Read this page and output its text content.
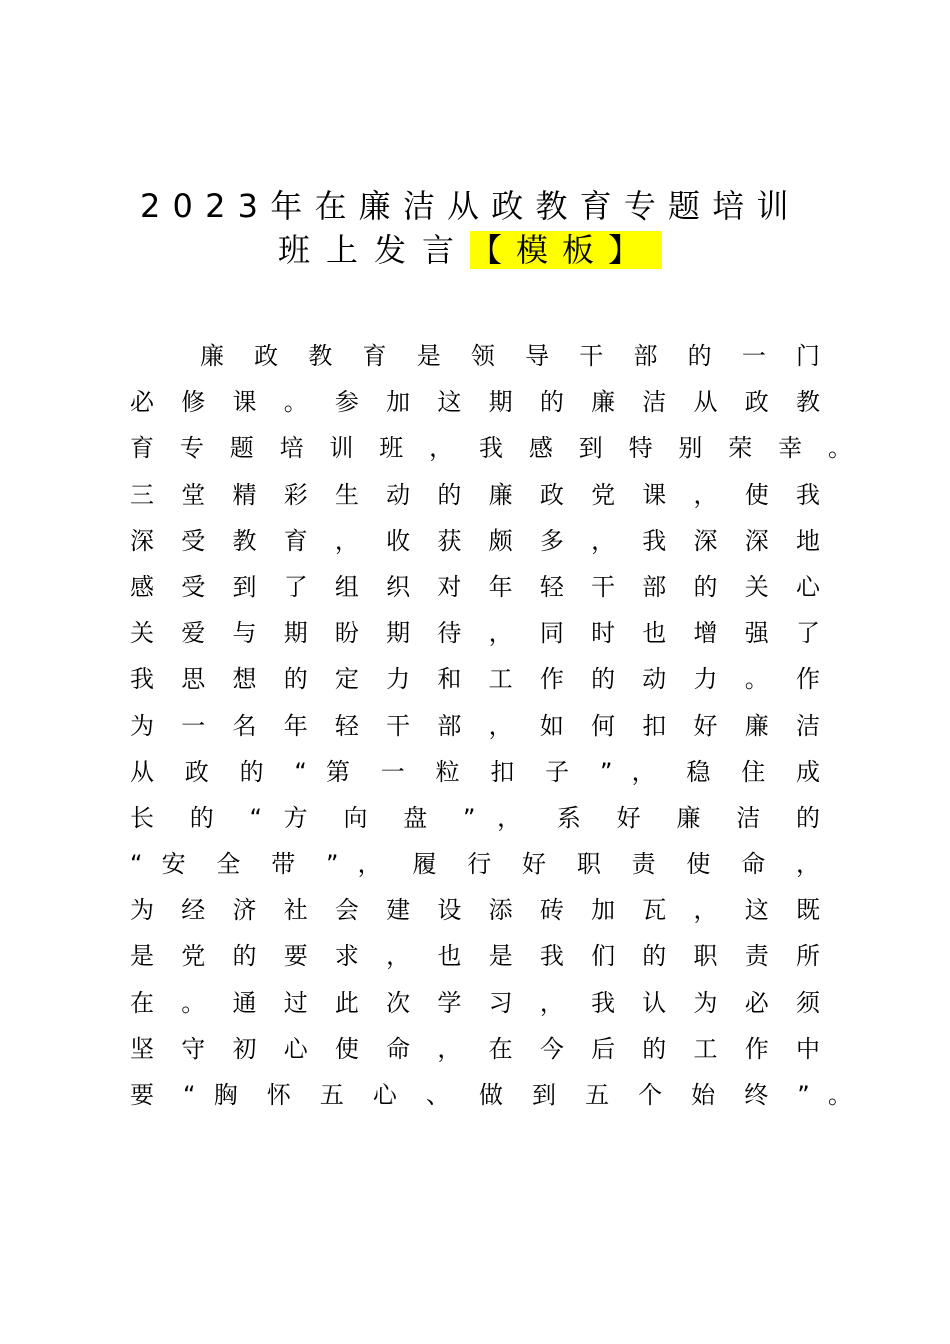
2023年在廉洁从政教育专题培训
班上发言【模板】
廉 政 教 育 是 领 导 干 部 的 一 门
必 修 课 。 参 加 这 期 的 廉 洁 从 政 教
育 专 题 培 训 班 ， 我 感 到 特 别 荣 幸 。
三 堂 精 彩 生 动 的 廉 政 党 课 ， 使 我
深 受 教 育 ， 收 获 颇 多 ， 我 深 深 地
感 受 到 了 组 织 对 年 轻 干 部 的 关 心
关 爱 与 期 盼 期 待 ， 同 时 也 增 强 了
我 思 想 的 定 力 和 工 作 的 动 力 。 作
为 一 名 年 轻 干 部 ， 如 何 扣 好 廉 洁
从 政 的 “ 第 一 粒 扣 子 ” ， 稳 住 成
长 的 “ 方 向 盘 ” ， 系 好 廉 洁 的
“ 安 全 带 ” ， 履 行 好 职 责 使 命 ，
为 经 济 社 会 建 设 添 砖 加 瓦 ， 这 既
是 党 的 要 求 ， 也 是 我 们 的 职 责 所
在 。 通 过 此 次 学 习 ， 我 认 为 必 须
坚 守 初 心 使 命 ， 在 今 后 的 工 作 中
要 “ 胸 怀 五 心 、 做 到 五 个 始 终 ” 。
